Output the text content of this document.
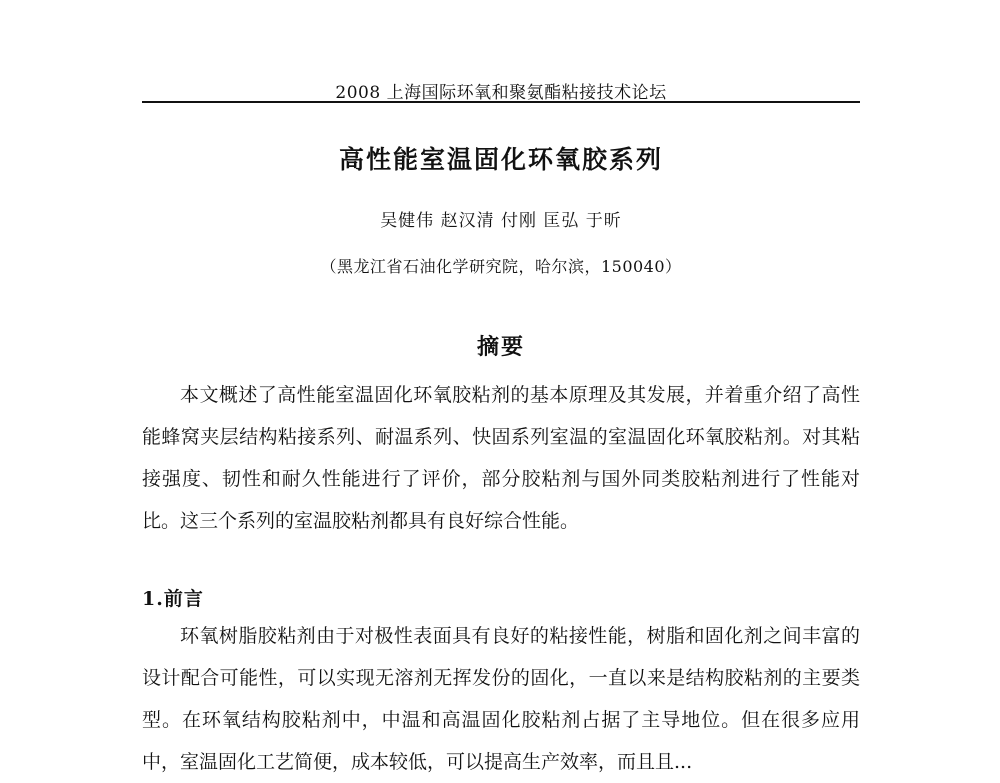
2008 上海国际环氧和聚氨酯粘接技术论坛
高性能室温固化环氧胶系列
吴健伟 赵汉清 付刚 匡弘 于昕
（黑龙江省石油化学研究院，哈尔滨，150040）
摘要

本文概述了高性能室温固化环氧胶粘剂的基本原理及其发展，并着重介绍了高性能蜂窝夹层结构粘接系列、耐温系列、快固系列室温的室温固化环氧胶粘剂。对其粘接强度、韧性和耐久性能进行了评价，部分胶粘剂与国外同类胶粘剂进行了性能对比。这三个系列的室温胶粘剂都具有良好综合性能。

1.前言

环氧树脂胶粘剂由于对极性表面具有良好的粘接性能，树脂和固化剂之间丰富的设计配合可能性，可以实现无溶剂无挥发份的固化，一直以来是结构胶粘剂的主要类型。在环氧结构胶粘剂中，中温和高温固化胶粘剂占据了主导地位。但在很多应用中，室温固化工艺简便，成本较低，可以提高生产效率，而且且...
